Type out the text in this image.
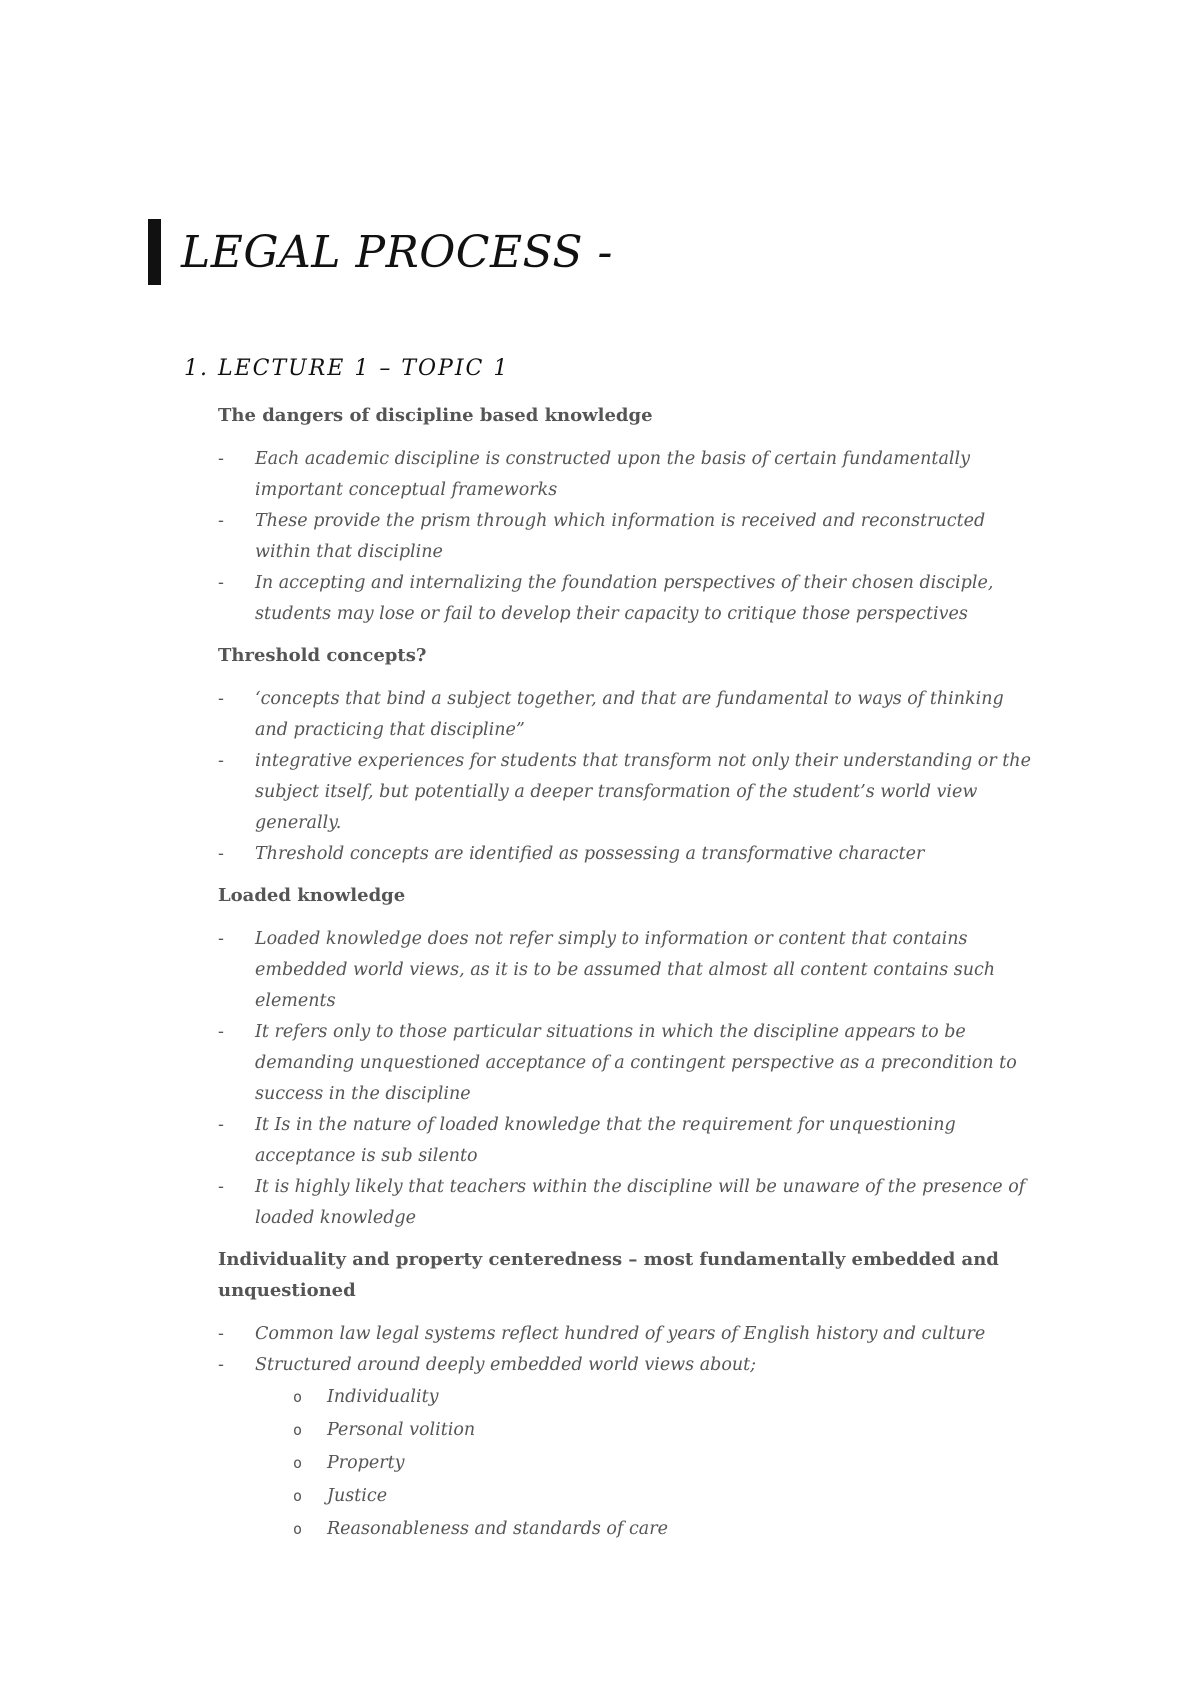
LEGAL PROCESS -
1. LECTURE 1 – TOPIC 1
The dangers of discipline based knowledge
- Each academic discipline is constructed upon the basis of certain fundamentally important conceptual frameworks
- These provide the prism through which information is received and reconstructed within that discipline
- In accepting and internalizing the foundation perspectives of their chosen disciple, students may lose or fail to develop their capacity to critique those perspectives
Threshold concepts?
- ‘concepts that bind a subject together, and that are fundamental to ways of thinking and practicing that discipline”
- integrative experiences for students that transform not only their understanding or the subject itself, but potentially a deeper transformation of the student’s world view generally.
- Threshold concepts are identified as possessing a transformative character
Loaded knowledge
- Loaded knowledge does not refer simply to information or content that contains embedded world views, as it is to be assumed that almost all content contains such elements
- It refers only to those particular situations in which the discipline appears to be demanding unquestioned acceptance of a contingent perspective as a precondition to success in the discipline
- It Is in the nature of loaded knowledge that the requirement for unquestioning acceptance is sub silento
- It is highly likely that teachers within the discipline will be unaware of the presence of loaded knowledge
Individuality and property centeredness – most fundamentally embedded and unquestioned
- Common law legal systems reflect hundred of years of English history and culture
- Structured around deeply embedded world views about;
o Individuality
o Personal volition
o Property
o Justice
o Reasonableness and standards of care
